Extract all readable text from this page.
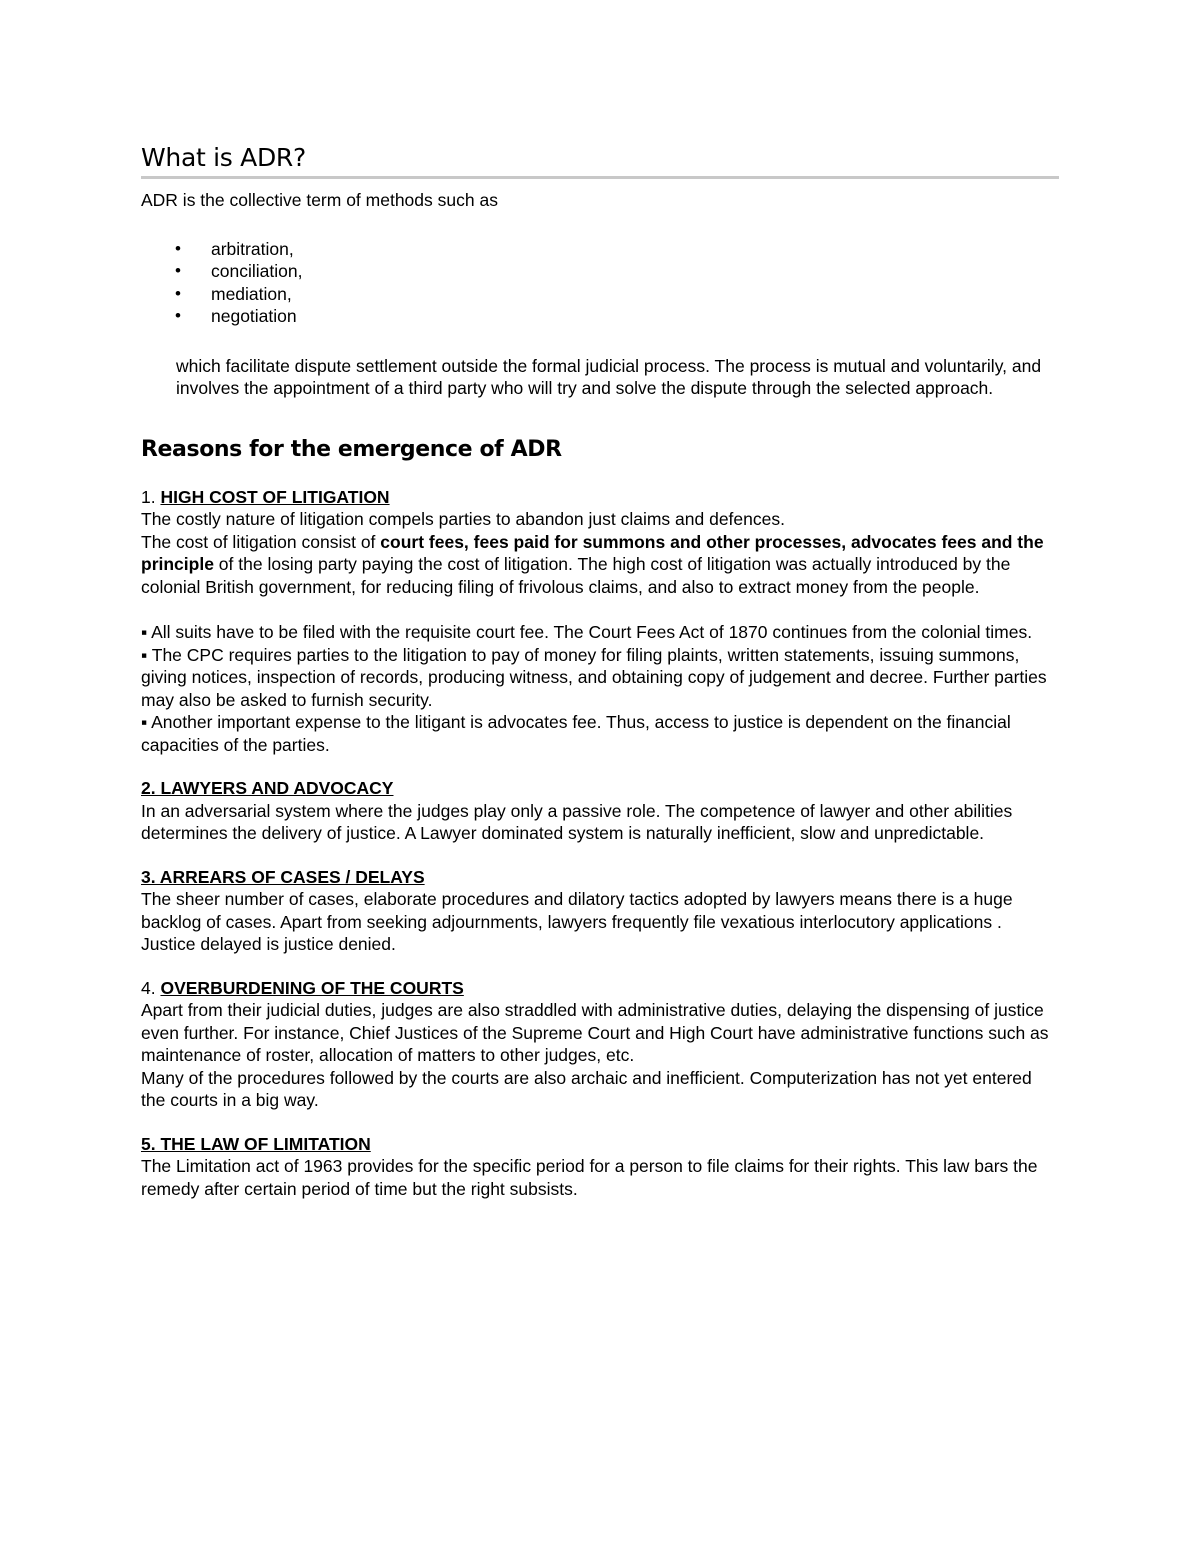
What is ADR?

ADR is the collective term of methods such as

• arbitration,
• conciliation,
• mediation,
• negotiation

which facilitate dispute settlement outside the formal judicial process. The process is mutual and voluntarily, and involves the appointment of a third party who will try and solve the dispute through the selected approach.

Reasons for the emergence of ADR

1. HIGH COST OF LITIGATION

The costly nature of litigation compels parties to abandon just claims and defences.

The cost of litigation consist of court fees, fees paid for summons and other processes, advocates fees and the principle of the losing party paying the cost of litigation. The high cost of litigation was actually introduced by the colonial British government, for reducing filing of frivolous claims, and also to extract money from the people.

▪ All suits have to be filed with the requisite court fee. The Court Fees Act of 1870 continues from the colonial times.

▪ The CPC requires parties to the litigation to pay of money for filing plaints, written statements, issuing summons, giving notices, inspection of records, producing witness, and obtaining copy of judgement and decree. Further parties may also be asked to furnish security.

▪ Another important expense to the litigant is advocates fee. Thus, access to justice is dependent on the financial capacities of the parties.

2. LAWYERS AND ADVOCACY

In an adversarial system where the judges play only a passive role. The competence of lawyer and other abilities determines the delivery of justice. A Lawyer dominated system is naturally inefficient, slow and unpredictable.

3. ARREARS OF CASES / DELAYS

The sheer number of cases, elaborate procedures and dilatory tactics adopted by lawyers means there is a huge backlog of cases. Apart from seeking adjournments, lawyers frequently file vexatious interlocutory applications . Justice delayed is justice denied.

4. OVERBURDENING OF THE COURTS

Apart from their judicial duties, judges are also straddled with administrative duties, delaying the dispensing of justice even further. For instance, Chief Justices of the Supreme Court and High Court have administrative functions such as maintenance of roster, allocation of matters to other judges, etc.

Many of the procedures followed by the courts are also archaic and inefficient. Computerization has not yet entered the courts in a big way.

5. THE LAW OF LIMITATION

The Limitation act of 1963 provides for the specific period for a person to file claims for their rights. This law bars the remedy after certain period of time but the right subsists.
